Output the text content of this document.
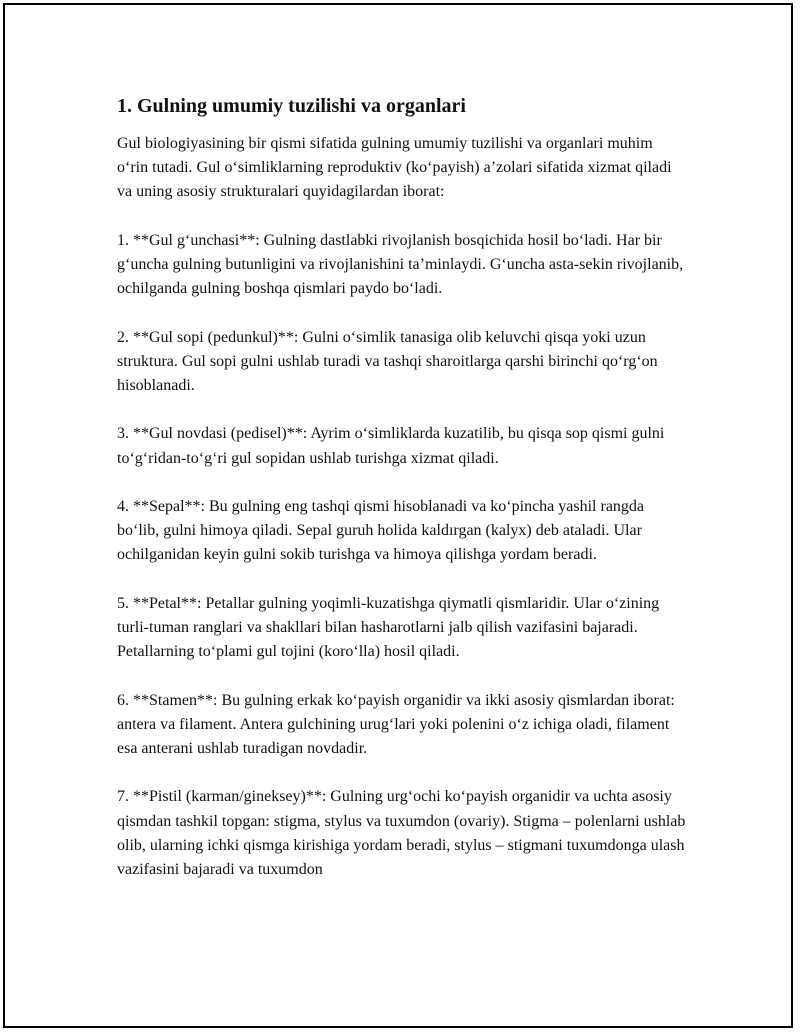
1. Gulning umumiy tuzilishi va organlari

Gul biologiyasining bir qismi sifatida gulning umumiy tuzilishi va organlari muhim o‘rin tutadi. Gul o‘simliklarning reproduktiv (ko‘payish) a’zolari sifatida xizmat qiladi va uning asosiy strukturalari quyidagilardan iborat:

1. **Gul g‘unchasi**: Gulning dastlabki rivojlanish bosqichida hosil bo‘ladi. Har bir g‘uncha gulning butunligini va rivojlanishini ta’minlaydi. G‘uncha asta-sekin rivojlanib, ochilganda gulning boshqa qismlari paydo bo‘ladi.

2. **Gul sopi (pedunkul)**: Gulni o‘simlik tanasiga olib keluvchi qisqa yoki uzun struktura. Gul sopi gulni ushlab turadi va tashqi sharoitlarga qarshi birinchi qo‘rg‘on hisoblanadi.

3. **Gul novdasi (pedisel)**: Ayrim o‘simliklarda kuzatilib, bu qisqa sop qismi gulni to‘g‘ridan-to‘g‘ri gul sopidan ushlab turishga xizmat qiladi.

4. **Sepal**: Bu gulning eng tashqi qismi hisoblanadi va ko‘pincha yashil rangda bo‘lib, gulni himoya qiladi. Sepal guruh holida kaldırgan (kalyx) deb ataladi. Ular ochilganidan keyin gulni sokib turishga va himoya qilishga yordam beradi.

5. **Petal**: Petallar gulning yoqimli-kuzatishga qiymatli qismlaridir. Ular o‘zining turli-tuman ranglari va shakllari bilan hasharotlarni jalb qilish vazifasini bajaradi. Petallarning to‘plami gul tojini (koro‘lla) hosil qiladi.

6. **Stamen**: Bu gulning erkak ko‘payish organidir va ikki asosiy qismlardan iborat: antera va filament. Antera gulchining urug‘lari yoki polenini o‘z ichiga oladi, filament esa anterani ushlab turadigan novdadir.

7. **Pistil (karman/gineksey)**: Gulning urg‘ochi ko‘payish organidir va uchta asosiy qismdan tashkil topgan: stigma, stylus va tuxumdon (ovariy). Stigma – polenlarni ushlab olib, ularning ichki qismga kirishiga yordam beradi, stylus – stigmani tuxumdonga ulash vazifasini bajaradi va tuxumdon
